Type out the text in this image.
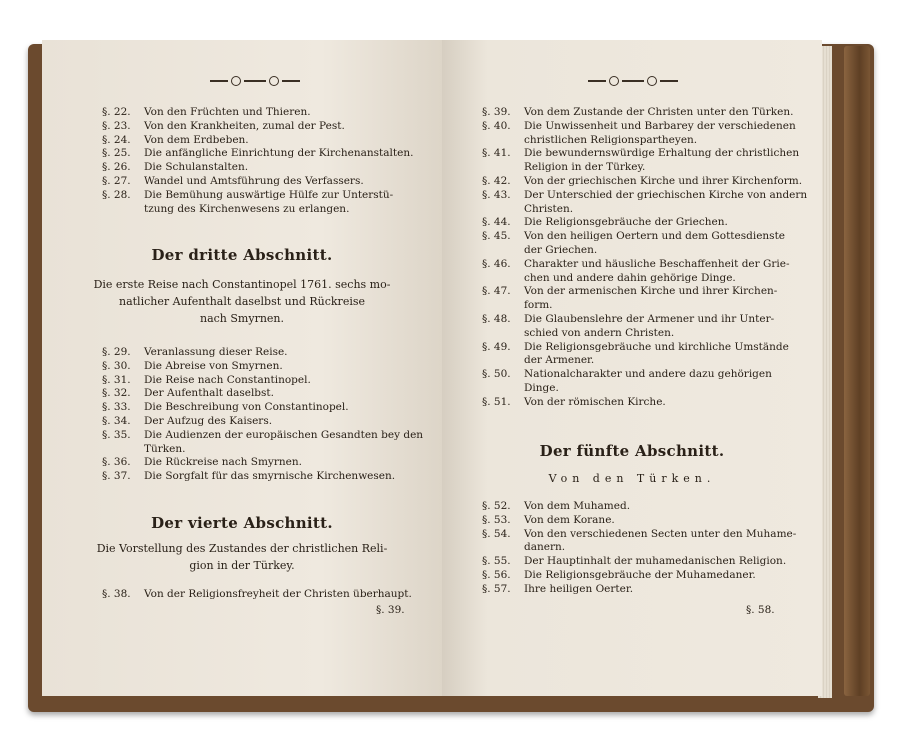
§. 22.	Von den Früchten und Thieren.
§. 23.	Von den Krankheiten, zumal der Pest.
§. 24.	Von dem Erdbeben.
§. 25.	Die anfängliche Einrichtung der Kirchenanstalten.
§. 26.	Die Schulanstalten.
§. 27.	Wandel und Amtsführung des Verfassers.
§. 28.	Die Bemühung auswärtige Hülfe zur Unterstü-
tzung des Kirchenwesens zu erlangen.
Der dritte Abschnitt.
Die erste Reise nach Constantinopel 1761. sechs mo-
natlicher Aufenthalt daselbst und Rückreise
nach Smyrnen.
§. 29.	Veranlassung dieser Reise.
§. 30.	Die Abreise von Smyrnen.
§. 31.	Die Reise nach Constantinopel.
§. 32.	Der Aufenthalt daselbst.
§. 33.	Die Beschreibung von Constantinopel.
§. 34.	Der Aufzug des Kaisers.
§. 35.	Die Audienzen der europäischen Gesandten bey den
Türken.
§. 36.	Die Rückreise nach Smyrnen.
§. 37.	Die Sorgfalt für das smyrnische Kirchenwesen.
Der vierte Abschnitt.
Die Vorstellung des Zustandes der christlichen Reli-
gion in der Türkey.
§. 38.	Von der Religionsfreyheit der Christen überhaupt.
§. 39.
§. 39.	Von dem Zustande der Christen unter den Türken.
§. 40.	Die Unwissenheit und Barbarey der verschiedenen
christlichen Religionspartheyen.
§. 41.	Die bewundernswürdige Erhaltung der christlichen
Religion in der Türkey.
§. 42.	Von der griechischen Kirche und ihrer Kirchenform.
§. 43.	Der Unterschied der griechischen Kirche von andern
Christen.
§. 44.	Die Religionsgebräuche der Griechen.
§. 45.	Von den heiligen Oertern und dem Gottesdienste
der Griechen.
§. 46.	Charakter und häusliche Beschaffenheit der Grie-
chen und andere dahin gehörige Dinge.
§. 47.	Von der armenischen Kirche und ihrer Kirchen-
form.
§. 48.	Die Glaubenslehre der Armener und ihr Unter-
schied von andern Christen.
§. 49.	Die Religionsgebräuche und kirchliche Umstände
der Armener.
§. 50.	Nationalcharakter und andere dazu gehörigen
Dinge.
§. 51.	Von der römischen Kirche.
Der fünfte Abschnitt.
Von den Türken.
§. 52.	Von dem Muhamed.
§. 53.	Von dem Korane.
§. 54.	Von den verschiedenen Secten unter den Muhame-
danern.
§. 55.	Der Hauptinhalt der muhamedanischen Religion.
§. 56.	Die Religionsgebräuche der Muhamedaner.
§. 57.	Ihre heiligen Oerter.
§. 58.
